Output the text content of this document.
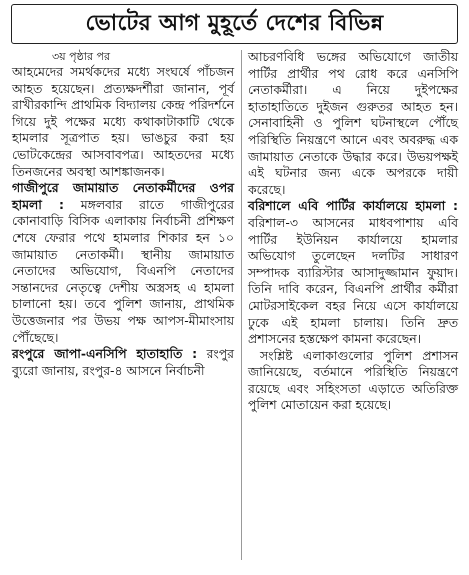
ভোটের আগ মুহূর্তে দেশের বিভিন্ন
৩য় পৃষ্ঠার পর

আহমেদের সমর্থকদের মধ্যে সংঘর্ষে পাঁচজন আহত হয়েছেন। প্রত্যক্ষদর্শীরা জানান, পূর্ব রাখীরকান্দি প্রাথমিক বিদ্যালয় কেন্দ্র পরিদর্শনে গিয়ে দুই পক্ষের মধ্যে কথাকাটাকাটি থেকে হামলার সূত্রপাত হয়। ভাঙচুর করা হয় ভোটকেন্দ্রের আসবাবপত্র। আহতদের মধ্যে তিনজনের অবস্থা আশঙ্কাজনক।

গাজীপুরে জামায়াত নেতাকর্মীদের ওপর হামলা : মঙ্গলবার রাতে গাজীপুরের কোনাবাড়ি বিসিক এলাকায় নির্বাচনী প্রশিক্ষণ শেষে ফেরার পথে হামলার শিকার হন ১০ জামায়াত নেতাকর্মী। স্থানীয় জামায়াত নেতাদের অভিযোগ, বিএনপি নেতাদের সন্তানদের নেতৃত্বে দেশীয় অস্ত্রসহ এ হামলা চালানো হয়। তবে পুলিশ জানায়, প্রাথমিক উত্তেজনার পর উভয় পক্ষ আপস-মীমাংসায় পৌঁছেছে।

রংপুরে জাপা-এনসিপি হাতাহাতি : রংপুর ব্যুরো জানায়, রংপুর-৪ আসনে নির্বাচনী

আচরণবিধি ভঙ্গের অভিযোগে জাতীয় পার্টির প্রার্থীর পথ রোধ করে এনসিপি নেতাকর্মীরা। এ নিয়ে দুইপক্ষের হাতাহাতিতে দুইজন গুরুতর আহত হন। সেনাবাহিনী ও পুলিশ ঘটনাস্থলে পৌঁছে পরিস্থিতি নিয়ন্ত্রণে আনে এবং অবরুদ্ধ এক জামায়াত নেতাকে উদ্ধার করে। উভয়পক্ষই এই ঘটনার জন্য একে অপরকে দায়ী করেছে।

বরিশালে এবি পার্টির কার্যালয়ে হামলা : বরিশাল-৩ আসনের মাধবপাশায় এবি পার্টির ইউনিয়ন কার্যালয়ে হামলার অভিযোগ তুলেছেন দলটির সাধারণ সম্পাদক ব্যারিস্টার আসাদুজ্জামান ফুয়াদ। তিনি দাবি করেন, বিএনপি প্রার্থীর কর্মীরা মোটরসাইকেল বহর নিয়ে এসে কার্যালয়ে ঢুকে এই হামলা চালায়। তিনি দ্রুত প্রশাসনের হস্তক্ষেপ কামনা করেছেন।

সংশ্লিষ্ট এলাকাগুলোর পুলিশ প্রশাসন জানিয়েছে, বর্তমানে পরিস্থিতি নিয়ন্ত্রণে রয়েছে এবং সহিংসতা এড়াতে অতিরিক্ত পুলিশ মোতায়েন করা হয়েছে।
